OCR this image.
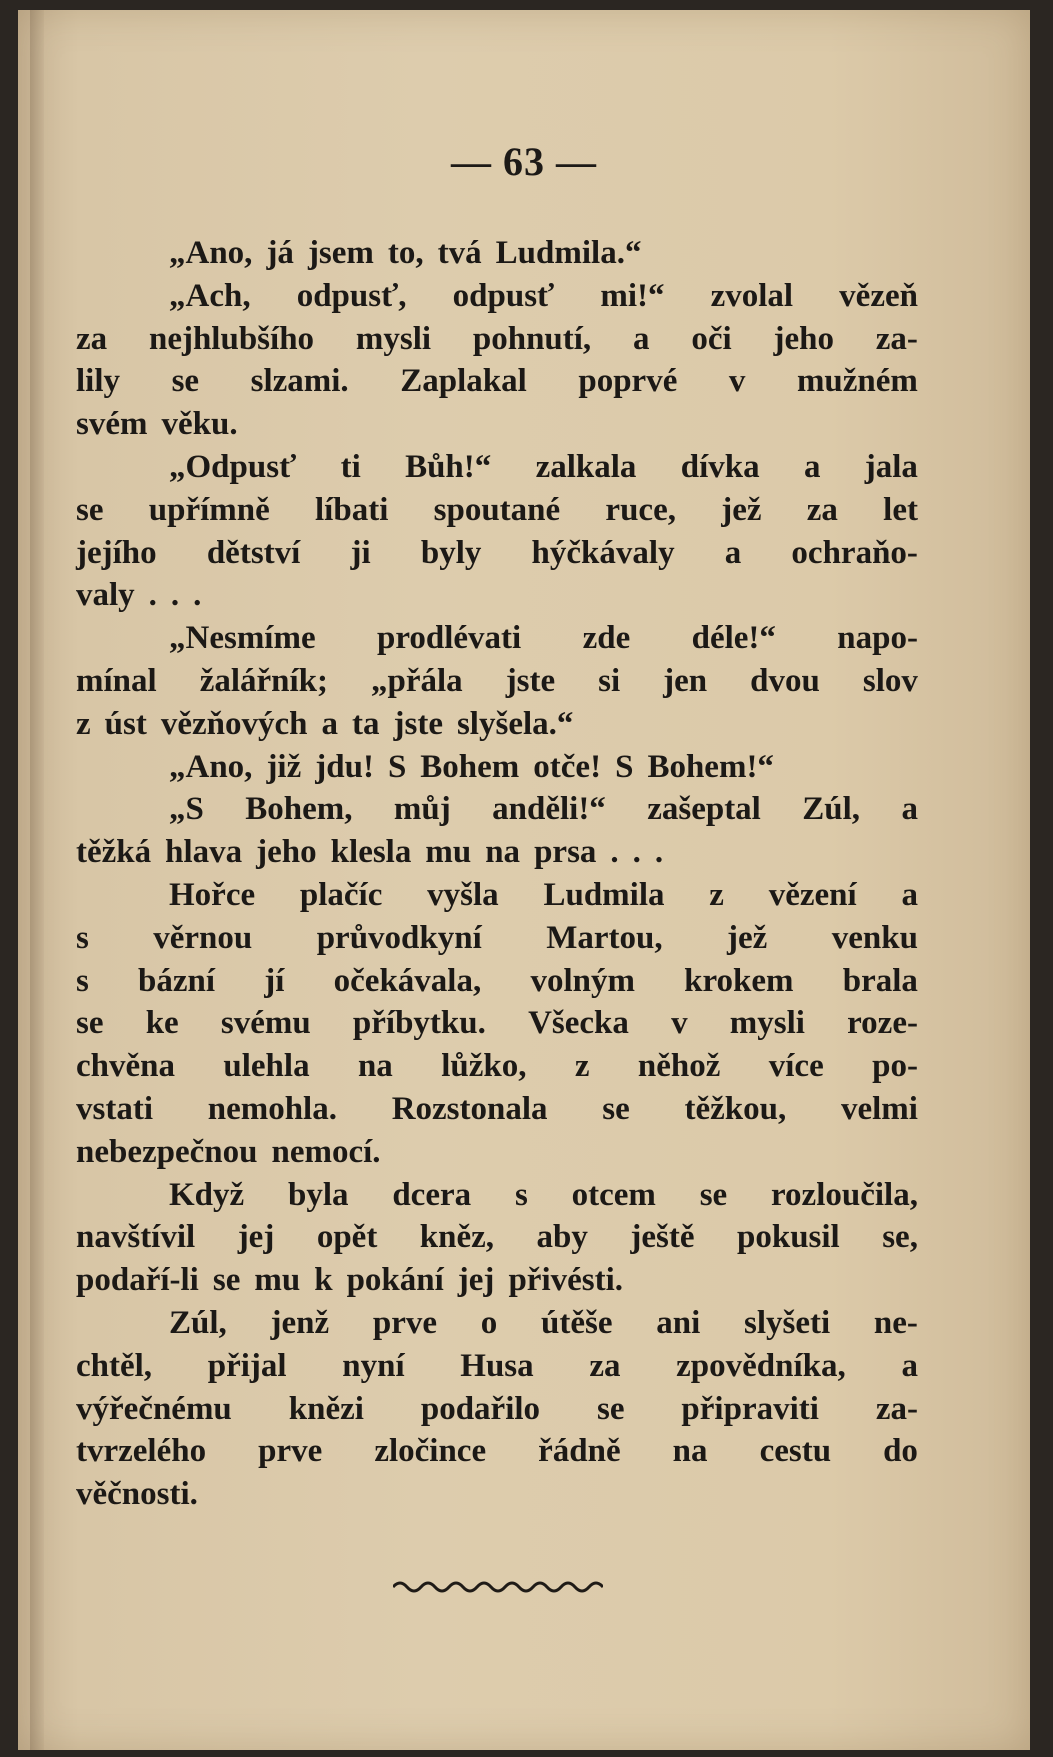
— 63 —
„Ano, já jsem to, tvá Ludmila.“
„Ach, odpusť, odpusť mi!“ zvolal vězeň
za nejhlubšího mysli pohnutí, a oči jeho za-
lily se slzami. Zaplakal poprvé v mužném
svém věku.
„Odpusť ti Bůh!“ zalkala dívka a jala
se upřímně líbati spoutané ruce, jež za let
jejího dětství ji byly hýčkávaly a ochraňo-
valy . . .
„Nesmíme prodlévati zde déle!“ napo-
mínal žalářník; „přála jste si jen dvou slov
z úst vězňových a ta jste slyšela.“
„Ano, již jdu! S Bohem otče! S Bohem!“
„S Bohem, můj anděli!“ zašeptal Zúl, a
těžká hlava jeho klesla mu na prsa . . .
Hořce plačíc vyšla Ludmila z vězení a
s věrnou průvodkyní Martou, jež venku
s bázní jí očekávala, volným krokem brala
se ke svému příbytku. Všecka v mysli roze-
chvěna ulehla na lůžko, z něhož více po-
vstati nemohla. Rozstonala se těžkou, velmi
nebezpečnou nemocí.
Když byla dcera s otcem se rozloučila,
navštívil jej opět kněz, aby ještě pokusil se,
podaří-li se mu k pokání jej přivésti.
Zúl, jenž prve o útěše ani slyšeti ne-
chtěl, přijal nyní Husa za zpovědníka, a
výřečnému knězi podařilo se připraviti za-
tvrzelého prve zločince řádně na cestu do
věčnosti.
